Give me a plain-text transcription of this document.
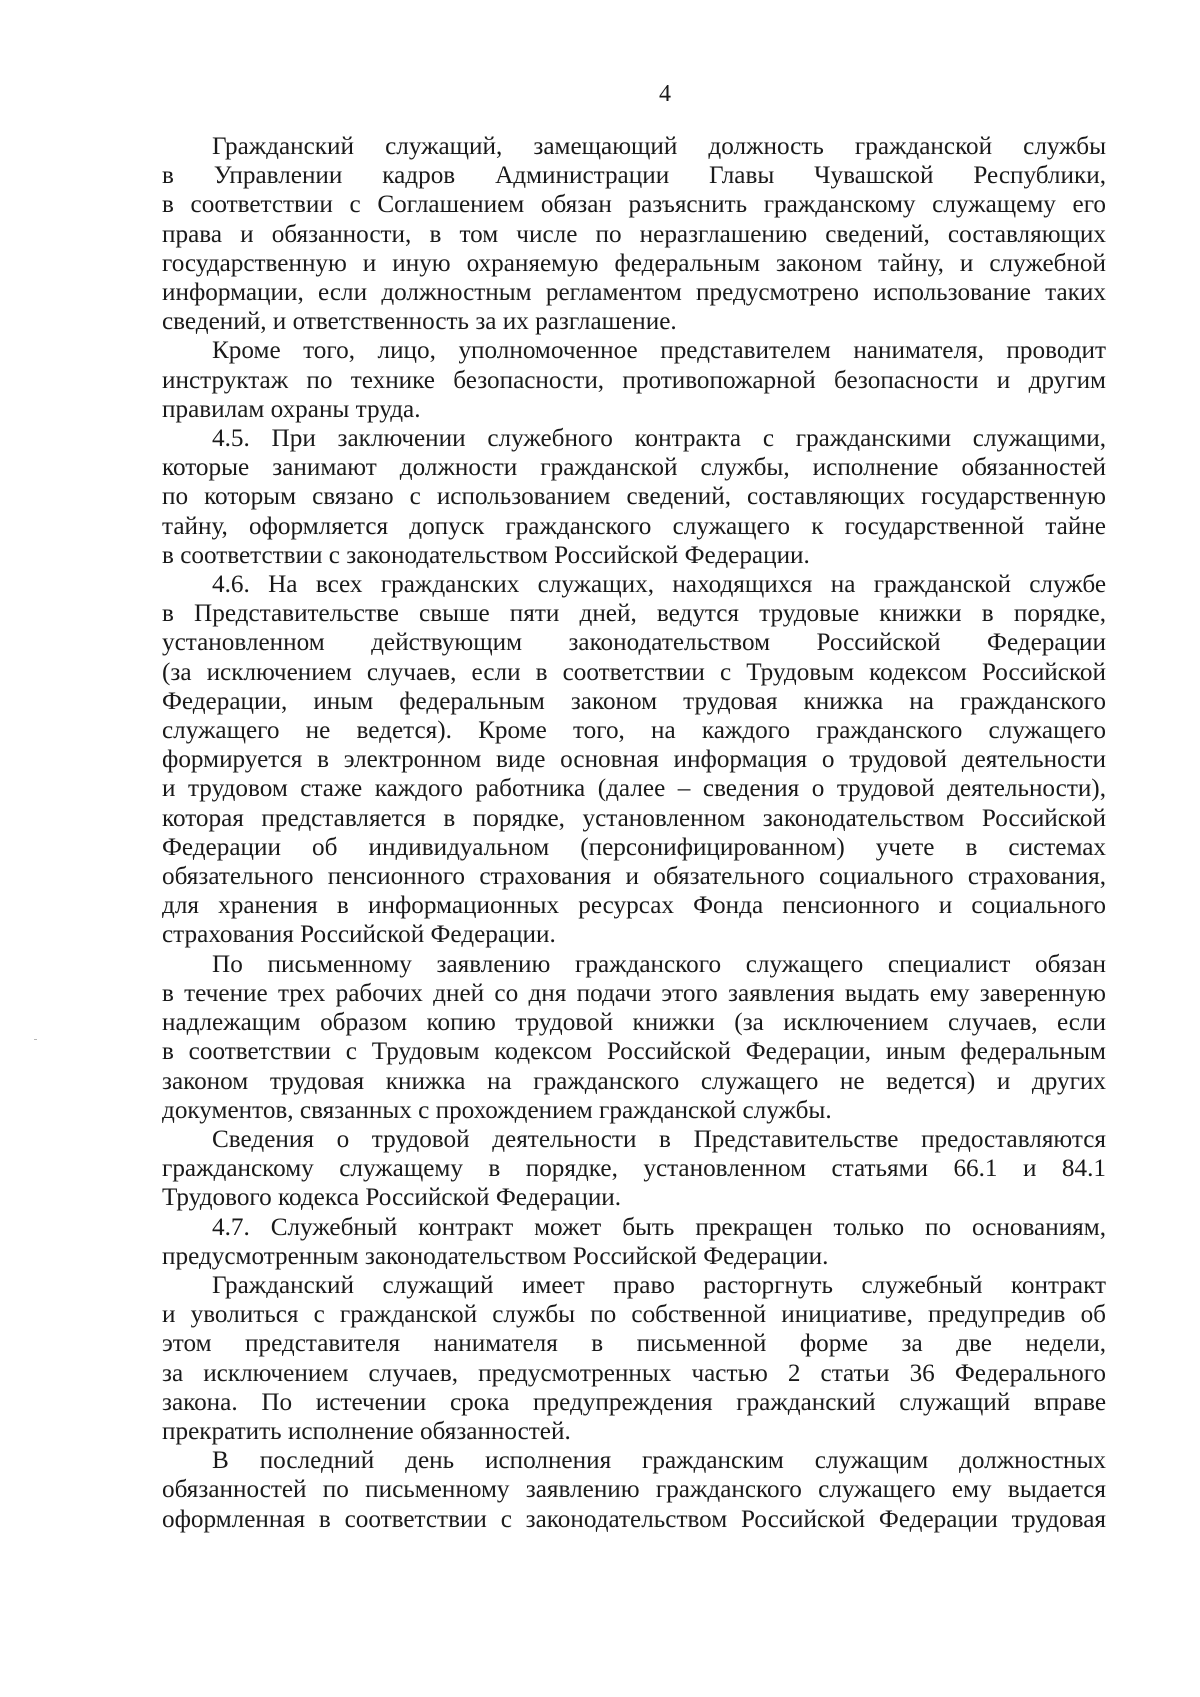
4
Гражданский служащий, замещающий должность гражданской службы
в Управлении кадров Администрации Главы Чувашской Республики,
в соответствии с Соглашением обязан разъяснить гражданскому служащему его
права и обязанности, в том числе по неразглашению сведений, составляющих
государственную и иную охраняемую федеральным законом тайну, и служебной
информации, если должностным регламентом предусмотрено использование таких
сведений, и ответственность за их разглашение.
Кроме того, лицо, уполномоченное представителем нанимателя, проводит
инструктаж по технике безопасности, противопожарной безопасности и другим
правилам охраны труда.
4.5. При заключении служебного контракта с гражданскими служащими,
которые занимают должности гражданской службы, исполнение обязанностей
по которым связано с использованием сведений, составляющих государственную
тайну, оформляется допуск гражданского служащего к государственной тайне
в соответствии с законодательством Российской Федерации.
4.6. На всех гражданских служащих, находящихся на гражданской службе
в Представительстве свыше пяти дней, ведутся трудовые книжки в порядке,
установленном действующим законодательством Российской Федерации
(за исключением случаев, если в соответствии с Трудовым кодексом Российской
Федерации, иным федеральным законом трудовая книжка на гражданского
служащего не ведется). Кроме того, на каждого гражданского служащего
формируется в электронном виде основная информация о трудовой деятельности
и трудовом стаже каждого работника (далее – сведения о трудовой деятельности),
которая представляется в порядке, установленном законодательством Российской
Федерации об индивидуальном (персонифицированном) учете в системах
обязательного пенсионного страхования и обязательного социального страхования,
для хранения в информационных ресурсах Фонда пенсионного и социального
страхования Российской Федерации.
По письменному заявлению гражданского служащего специалист обязан
в течение трех рабочих дней со дня подачи этого заявления выдать ему заверенную
надлежащим образом копию трудовой книжки (за исключением случаев, если
в соответствии с Трудовым кодексом Российской Федерации, иным федеральным
законом трудовая книжка на гражданского служащего не ведется) и других
документов, связанных с прохождением гражданской службы.
Сведения о трудовой деятельности в Представительстве предоставляются
гражданскому служащему в порядке, установленном статьями 66.1 и 84.1
Трудового кодекса Российской Федерации.
4.7. Служебный контракт может быть прекращен только по основаниям,
предусмотренным законодательством Российской Федерации.
Гражданский служащий имеет право расторгнуть служебный контракт
и уволиться с гражданской службы по собственной инициативе, предупредив об
этом представителя нанимателя в письменной форме за две недели,
за исключением случаев, предусмотренных частью 2 статьи 36 Федерального
закона. По истечении срока предупреждения гражданский служащий вправе
прекратить исполнение обязанностей.
В последний день исполнения гражданским служащим должностных
обязанностей по письменному заявлению гражданского служащего ему выдается
оформленная в соответствии с законодательством Российской Федерации трудовая
